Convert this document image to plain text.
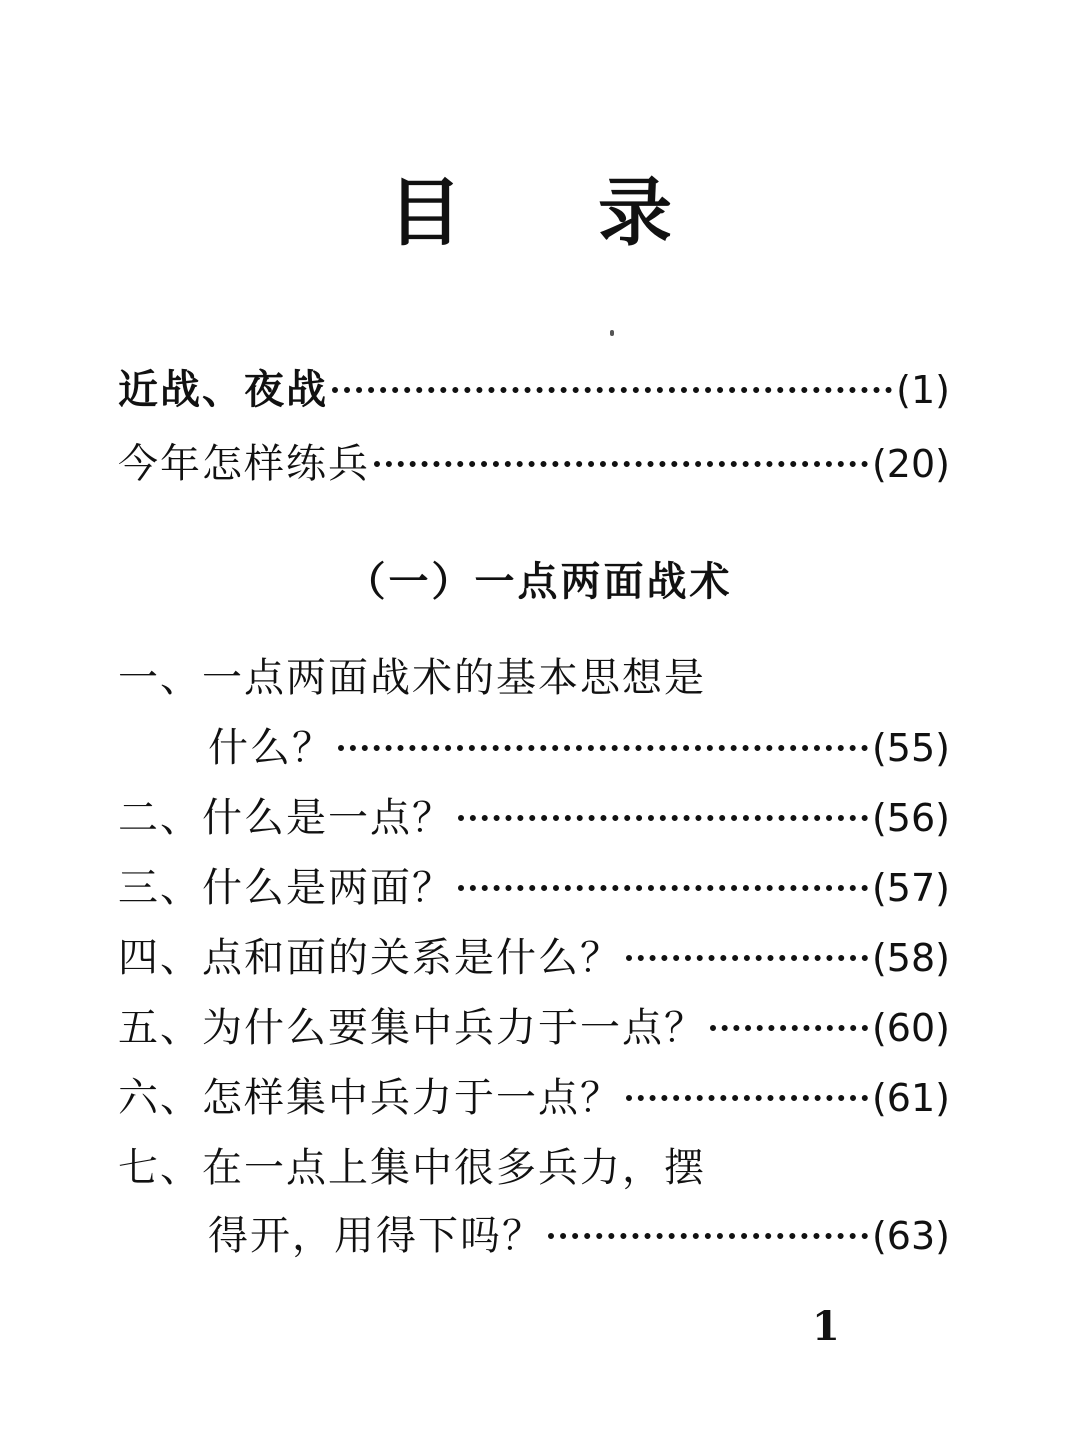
目 录
近战、夜战	(1)
今年怎样练兵	(20)
（一）一点两面战术
一、一点两面战术的基本思想是
什么？	(55)
二、什么是一点？	(56)
三、什么是两面？	(57)
四、点和面的关系是什么？	(58)
五、为什么要集中兵力于一点？	(60)
六、怎样集中兵力于一点？	(61)
七、在一点上集中很多兵力，摆
得开，用得下吗？	(63)
1
